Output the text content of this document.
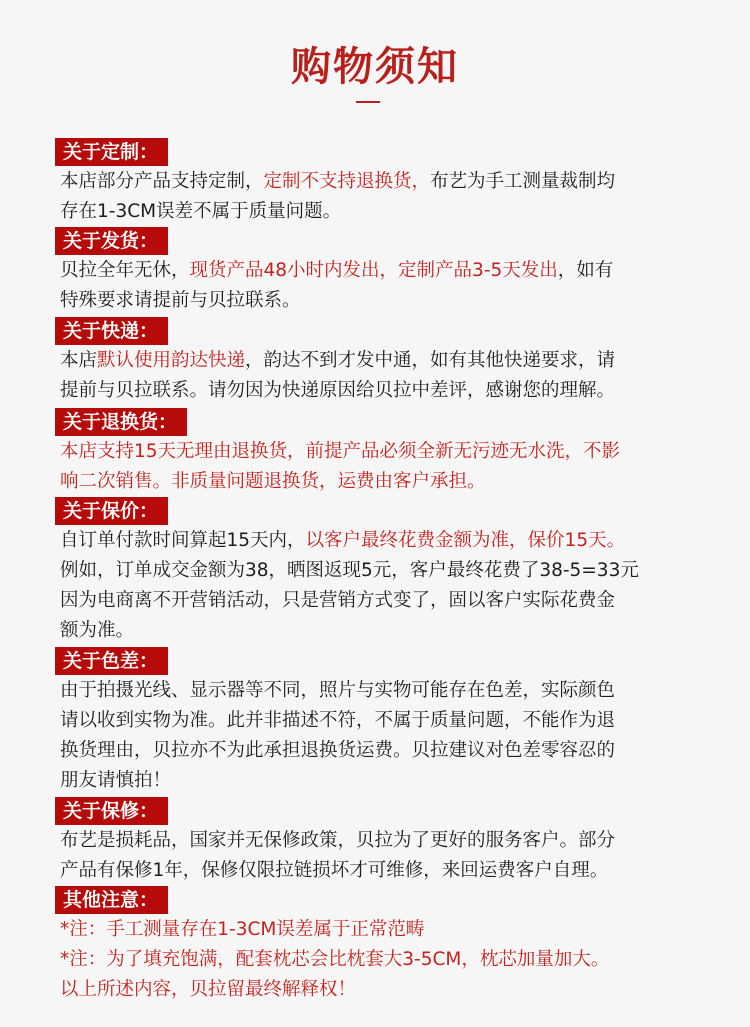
购物须知
关于定制：
本店部分产品支持定制，定制不支持退换货，布艺为手工测量裁制均
存在1-3CM误差不属于质量问题。
关于发货：
贝拉全年无休，现货产品48小时内发出，定制产品3-5天发出，如有
特殊要求请提前与贝拉联系。
关于快递：
本店默认使用韵达快递，韵达不到才发中通，如有其他快递要求，请
提前与贝拉联系。请勿因为快递原因给贝拉中差评，感谢您的理解。
关于退换货：
本店支持15天无理由退换货，前提产品必须全新无污迹无水洗，不影
响二次销售。非质量问题退换货，运费由客户承担。
关于保价：
自订单付款时间算起15天内，以客户最终花费金额为准，保价15天。
例如，订单成交金额为38，晒图返现5元，客户最终花费了38-5=33元
因为电商离不开营销活动，只是营销方式变了，固以客户实际花费金
额为准。
关于色差：
由于拍摄光线、显示器等不同，照片与实物可能存在色差，实际颜色
请以收到实物为准。此并非描述不符，不属于质量问题，不能作为退
换货理由，贝拉亦不为此承担退换货运费。贝拉建议对色差零容忍的
朋友请慎拍！
关于保修：
布艺是损耗品，国家并无保修政策，贝拉为了更好的服务客户。部分
产品有保修1年，保修仅限拉链损坏才可维修，来回运费客户自理。
其他注意：
*注：手工测量存在1-3CM误差属于正常范畴
*注：为了填充饱满，配套枕芯会比枕套大3-5CM，枕芯加量加大。
以上所述内容，贝拉留最终解释权！
